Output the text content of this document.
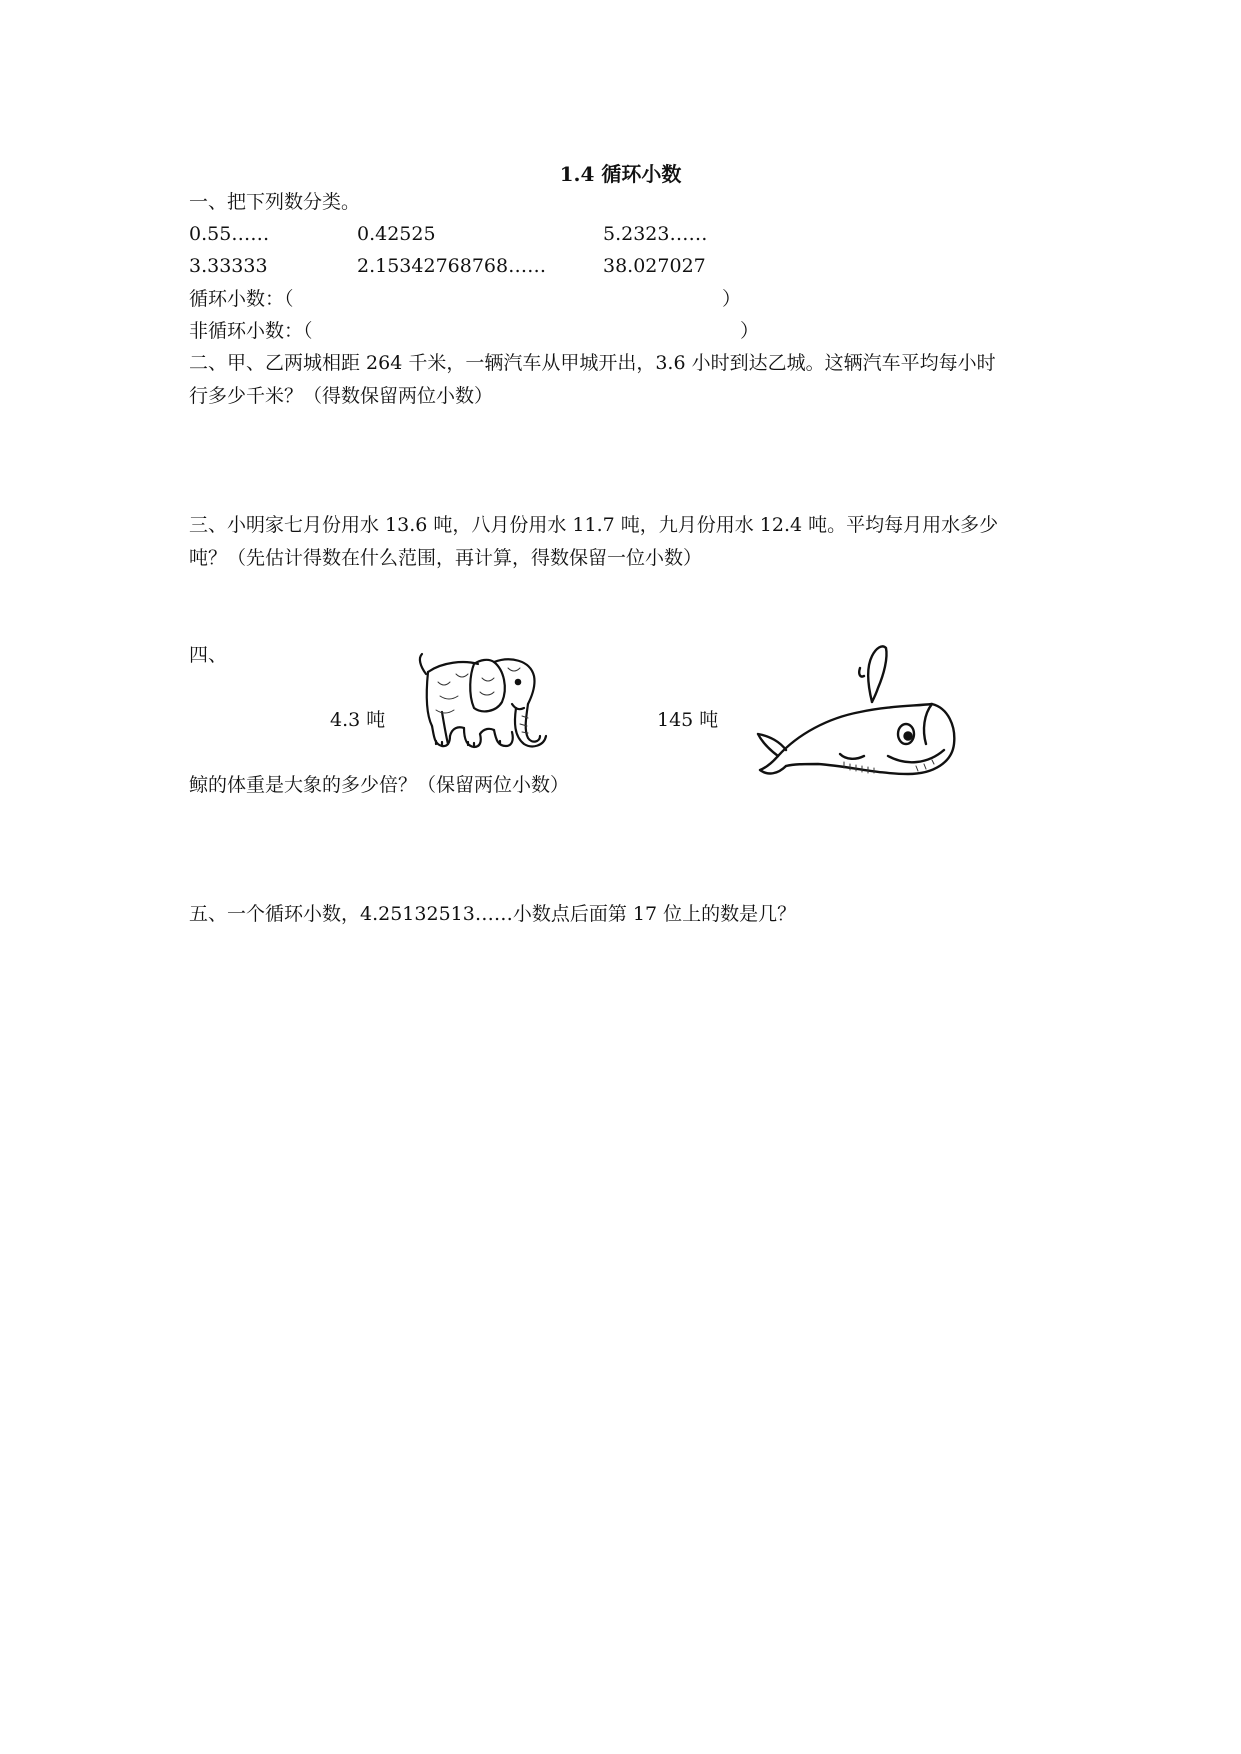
1.4 循环小数
一、把下列数分类。
0.55……	0.42525	5.2323……
3.33333	2.15342768768……	38.027027
循环小数：（	）
非循环小数：（	）
二、甲、乙两城相距 264 千米，一辆汽车从甲城开出，3.6 小时到达乙城。这辆汽车平均每小时
行多少千米？（得数保留两位小数）
三、小明家七月份用水 13.6 吨，八月份用水 11.7 吨，九月份用水 12.4 吨。平均每月用水多少
吨？（先估计得数在什么范围，再计算，得数保留一位小数）
四、
4.3 吨	145 吨
鲸的体重是大象的多少倍？（保留两位小数）
五、一个循环小数，4.25132513……小数点后面第 17 位上的数是几？
